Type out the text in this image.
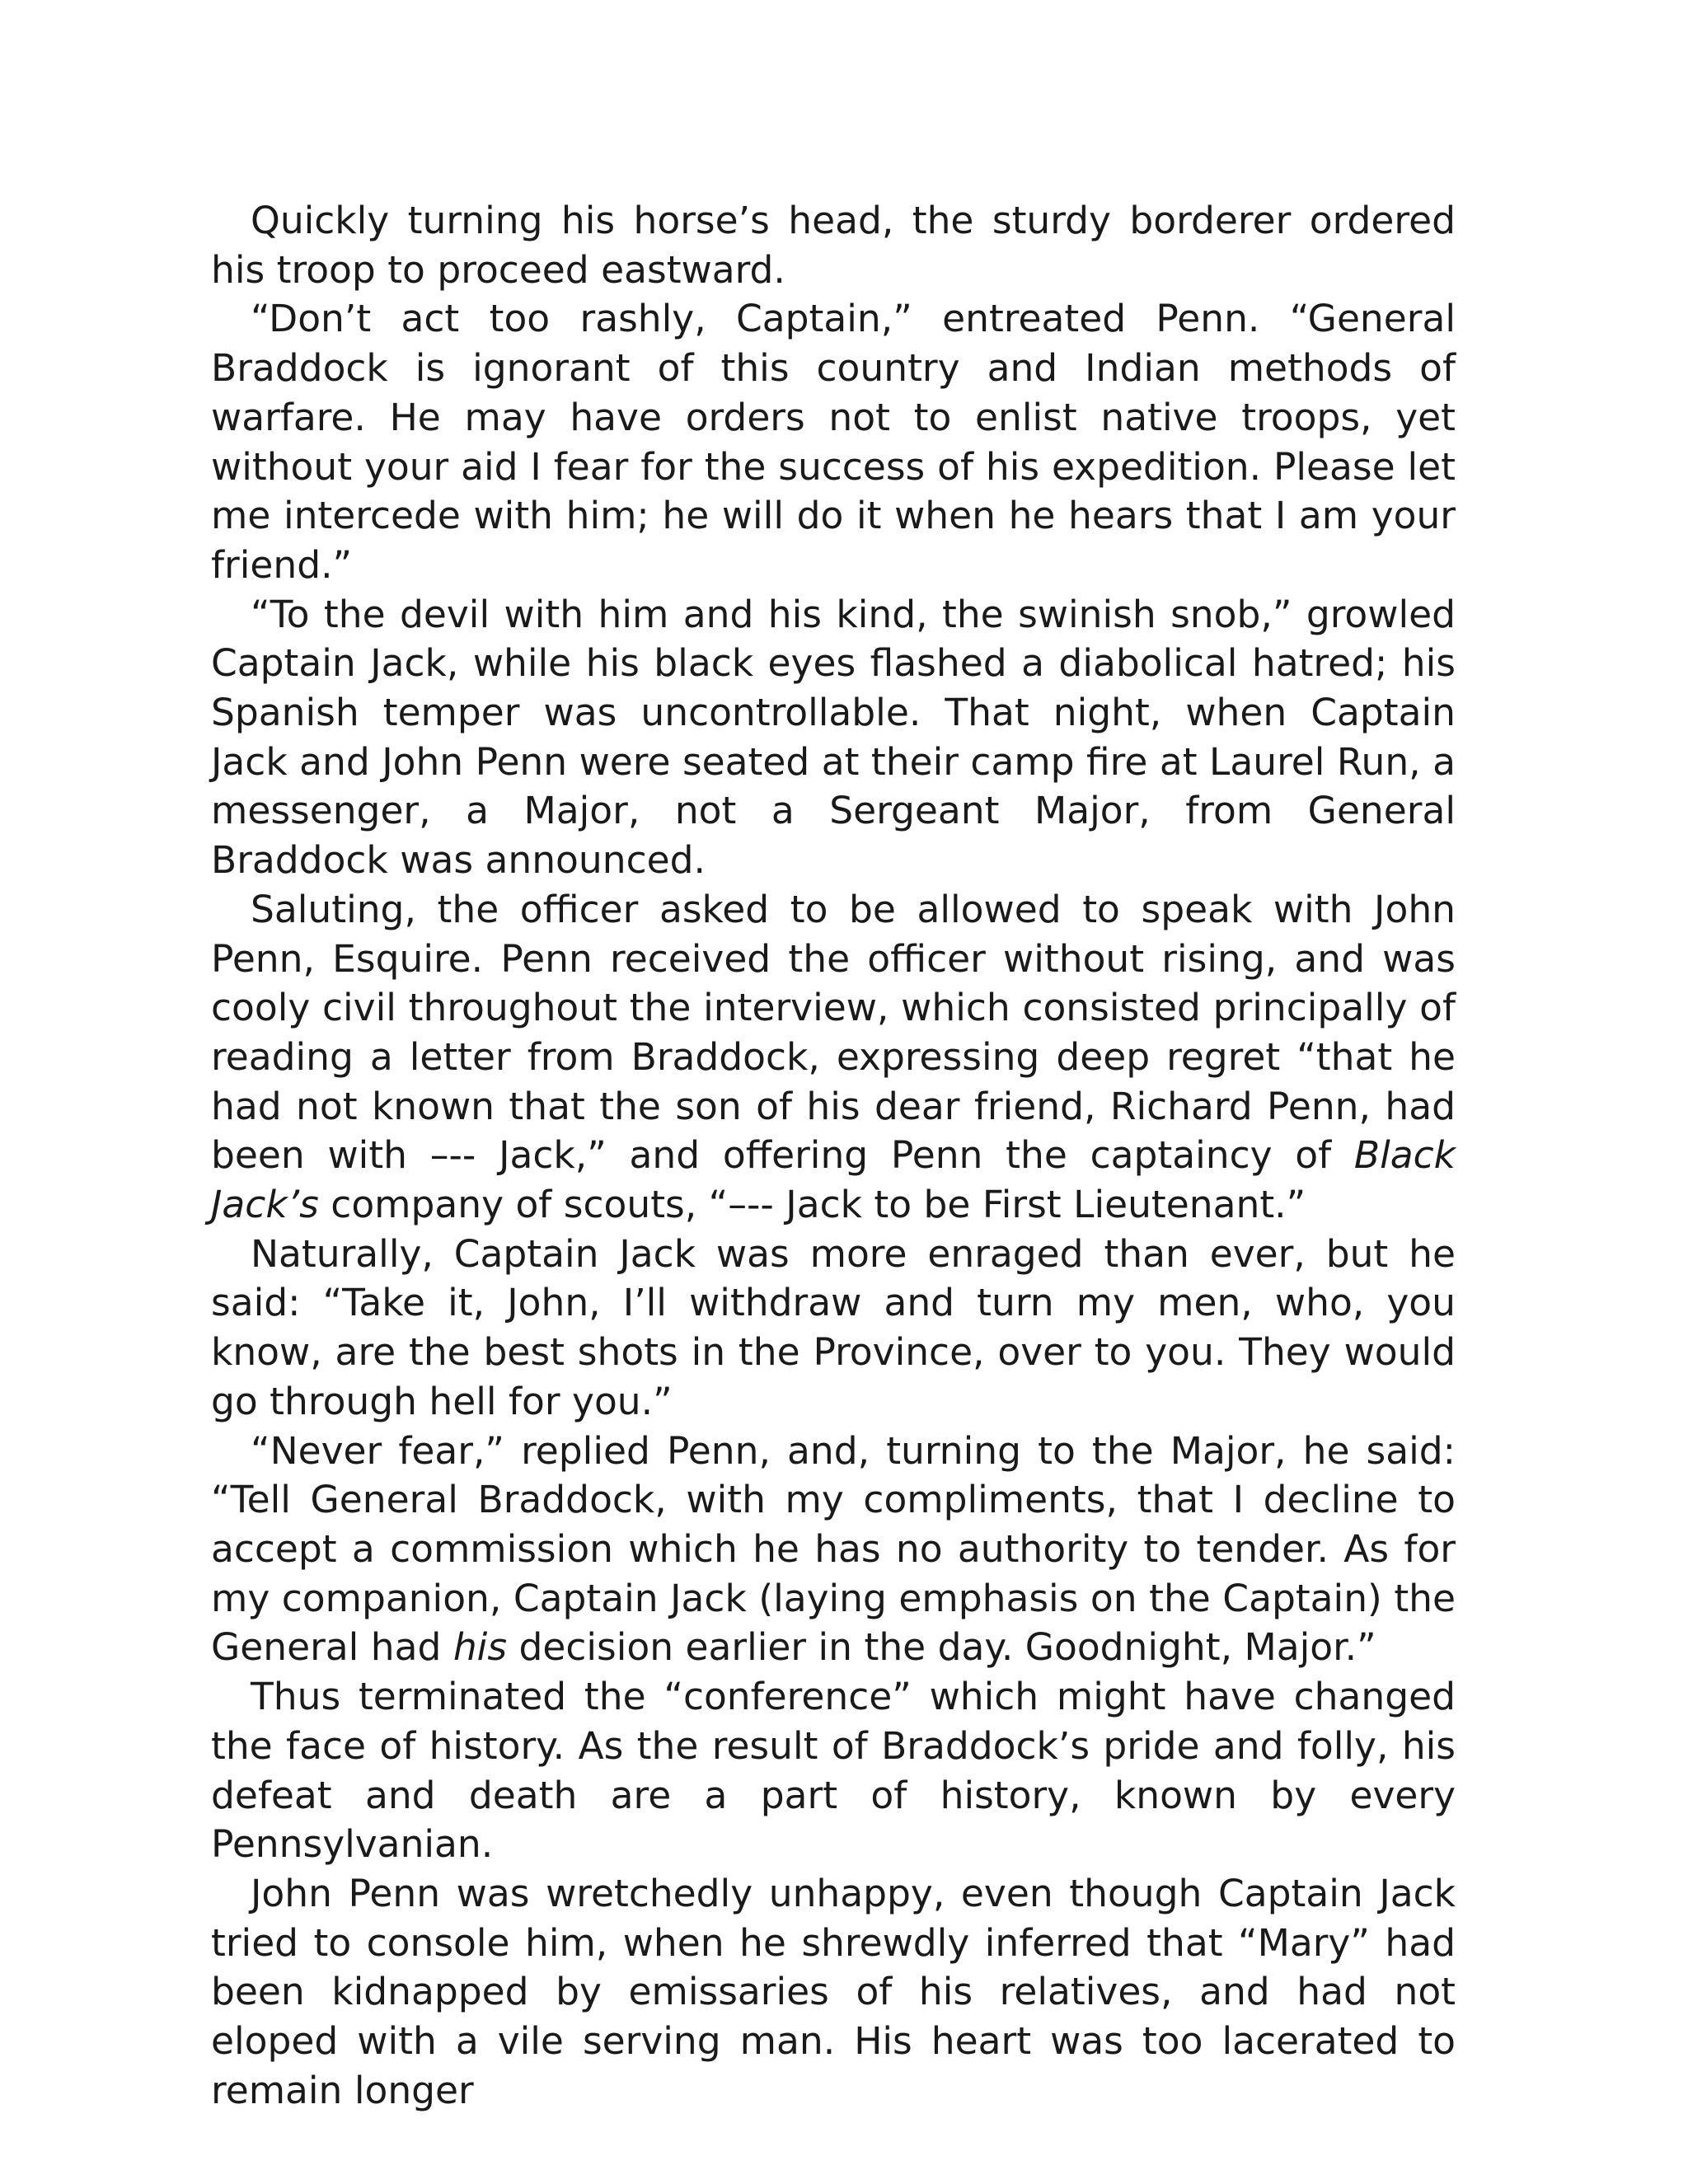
Quickly turning his horse’s head, the sturdy borderer ordered his troop to proceed eastward.

“Don’t act too rashly, Captain,” entreated Penn. “General Braddock is ignorant of this country and Indian methods of warfare. He may have orders not to enlist native troops, yet without your aid I fear for the success of his expedition. Please let me intercede with him; he will do it when he hears that I am your friend.”

“To the devil with him and his kind, the swinish snob,” growled Captain Jack, while his black eyes flashed a diabolical hatred; his Spanish temper was uncontrollable. That night, when Captain Jack and John Penn were seated at their camp fire at Laurel Run, a messenger, a Major, not a Sergeant Major, from General Braddock was announced.

Saluting, the officer asked to be allowed to speak with John Penn, Esquire. Penn received the officer without rising, and was cooly civil throughout the interview, which consisted principally of reading a letter from Braddock, expressing deep regret “that he had not known that the son of his dear friend, Richard Penn, had been with –-- Jack,” and offering Penn the captaincy of Black Jack’s company of scouts, “–-- Jack to be First Lieutenant.”

Naturally, Captain Jack was more enraged than ever, but he said: “Take it, John, I’ll withdraw and turn my men, who, you know, are the best shots in the Province, over to you. They would go through hell for you.”

“Never fear,” replied Penn, and, turning to the Major, he said: “Tell General Braddock, with my compliments, that I decline to accept a commission which he has no authority to tender. As for my companion, Captain Jack (laying emphasis on the Captain) the General had his decision earlier in the day. Goodnight, Major.”

Thus terminated the “conference” which might have changed the face of history. As the result of Braddock’s pride and folly, his defeat and death are a part of history, known by every Pennsylvanian.

John Penn was wretchedly unhappy, even though Captain Jack tried to console him, when he shrewdly inferred that “Mary” had been kidnapped by emissaries of his relatives, and had not eloped with a vile serving man. His heart was too lacerated to remain longer
